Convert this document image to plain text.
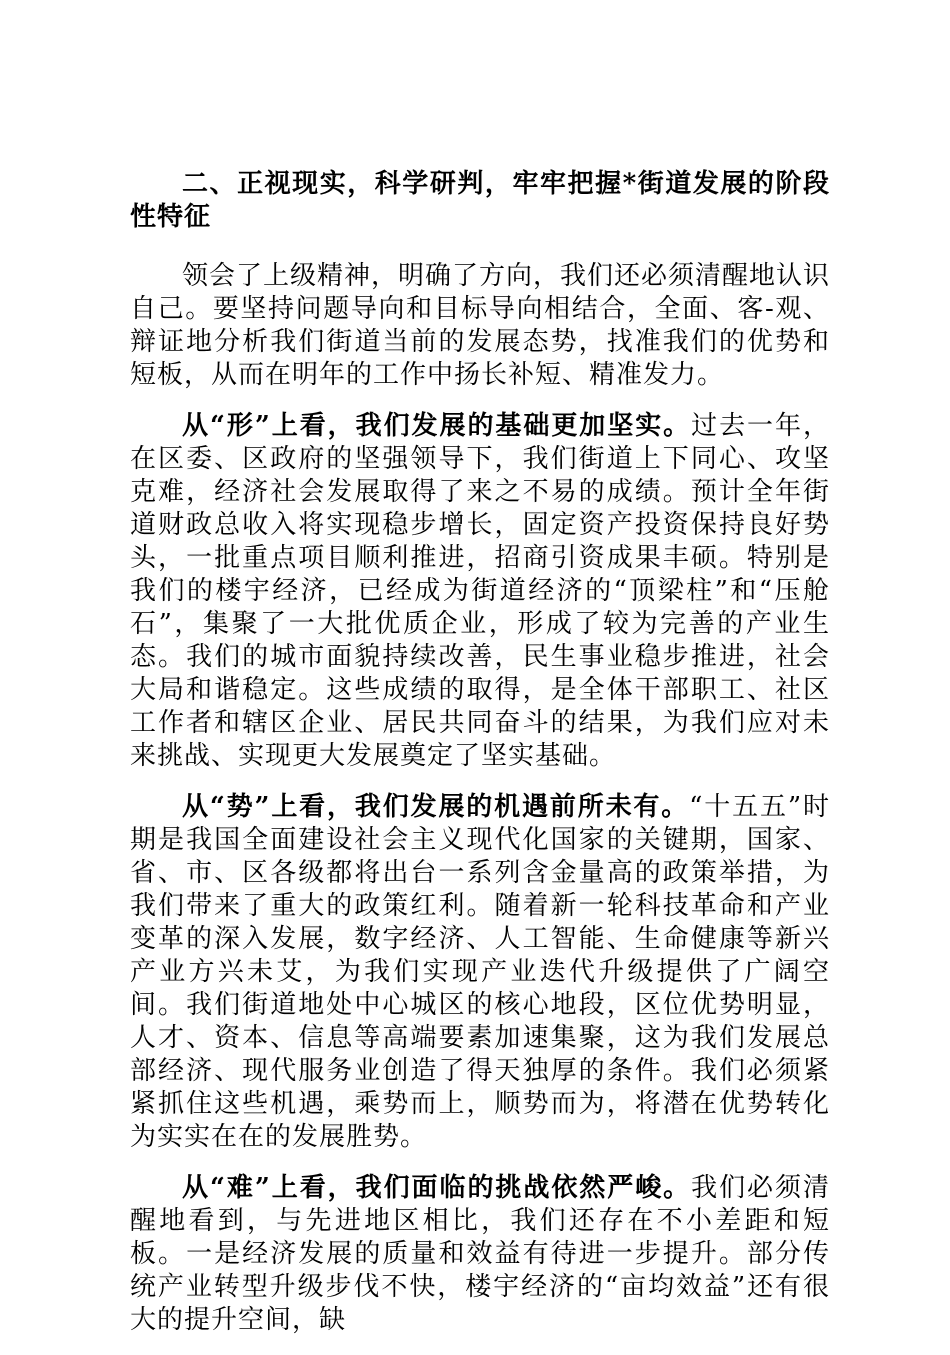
二、正视现实，科学研判，牢牢把握*街道发展的阶段性特征

领会了上级精神，明确了方向，我们还必须清醒地认识自己。要坚持问题导向和目标导向相结合，全面、客-观、辩证地分析我们街道当前的发展态势，找准我们的优势和短板，从而在明年的工作中扬长补短、精准发力。

从“形”上看，我们发展的基础更加坚实。过去一年，在区委、区政府的坚强领导下，我们街道上下同心、攻坚克难，经济社会发展取得了来之不易的成绩。预计全年街道财政总收入将实现稳步增长，固定资产投资保持良好势头，一批重点项目顺利推进，招商引资成果丰硕。特别是我们的楼宇经济，已经成为街道经济的“顶梁柱”和“压舱石”，集聚了一大批优质企业，形成了较为完善的产业生态。我们的城市面貌持续改善，民生事业稳步推进，社会大局和谐稳定。这些成绩的取得，是全体干部职工、社区工作者和辖区企业、居民共同奋斗的结果，为我们应对未来挑战、实现更大发展奠定了坚实基础。

从“势”上看，我们发展的机遇前所未有。“十五五”时期是我国全面建设社会主义现代化国家的关键期，国家、省、市、区各级都将出台一系列含金量高的政策举措，为我们带来了重大的政策红利。随着新一轮科技革命和产业变革的深入发展，数字经济、人工智能、生命健康等新兴产业方兴未艾，为我们实现产业迭代升级提供了广阔空间。我们街道地处中心城区的核心地段，区位优势明显，人才、资本、信息等高端要素加速集聚，这为我们发展总部经济、现代服务业创造了得天独厚的条件。我们必须紧紧抓住这些机遇，乘势而上，顺势而为，将潜在优势转化为实实在在的发展胜势。

从“难”上看，我们面临的挑战依然严峻。我们必须清醒地看到，与先进地区相比，我们还存在不小差距和短板。一是经济发展的质量和效益有待进一步提升。部分传统产业转型升级步伐不快，楼宇经济的“亩均效益”还有很大的提升空间，缺
